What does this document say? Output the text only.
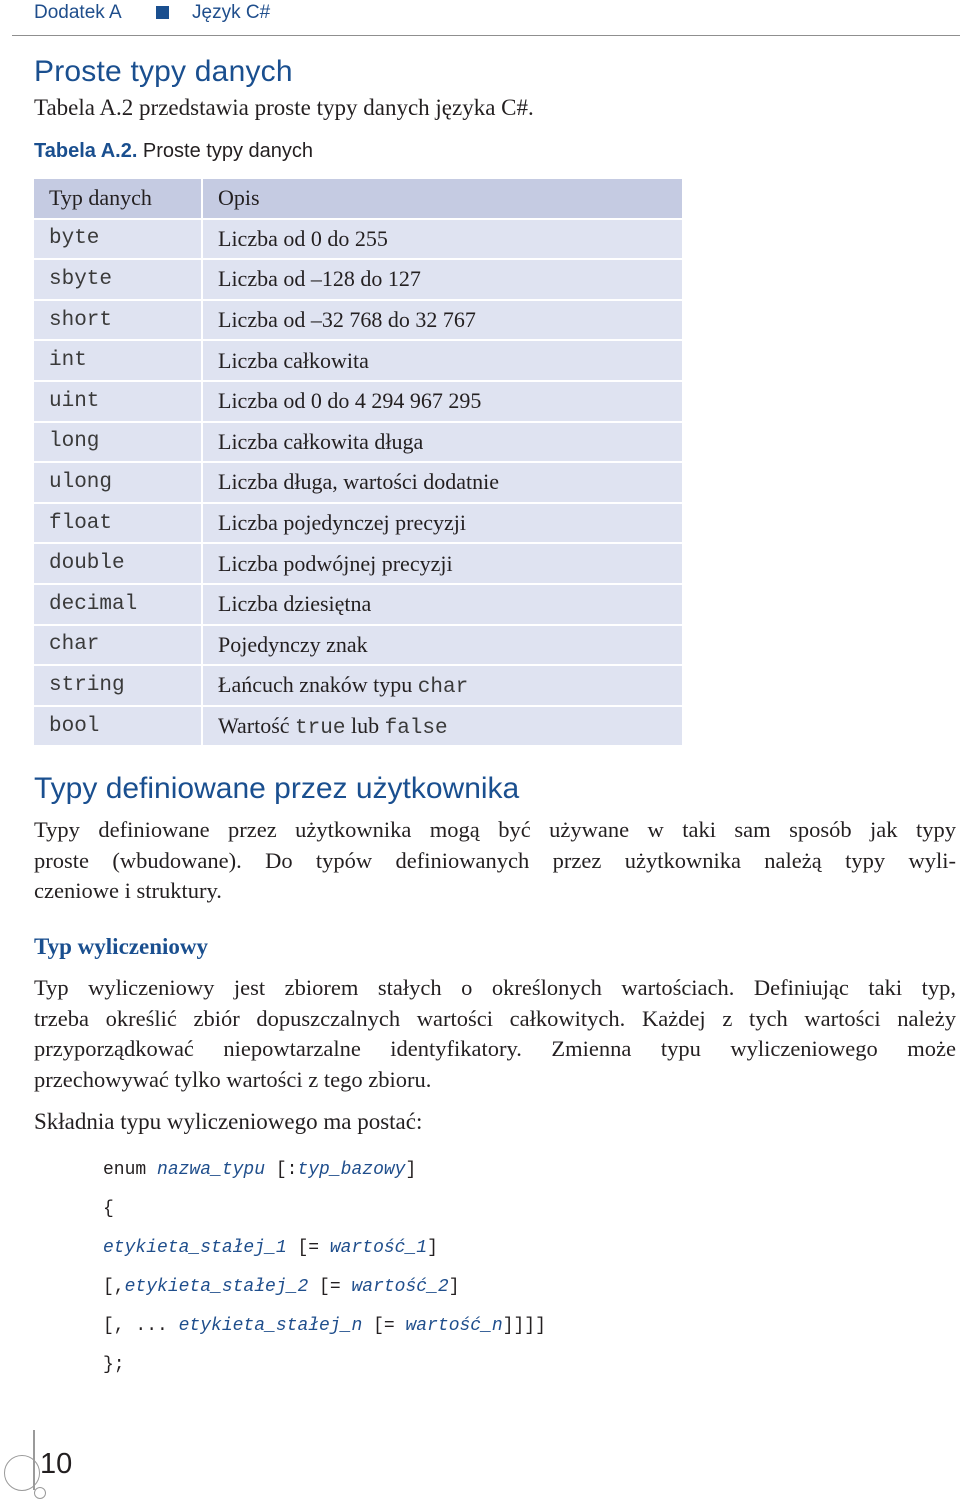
Dodatek A	Język C#
Proste typy danych

Tabela A.2 przedstawia proste typy danych języka C#.

Tabela A.2. Proste typy danych

Typ danych	Opis
byte	Liczba od 0 do 255
sbyte	Liczba od –128 do 127
short	Liczba od –32 768 do 32 767
int	Liczba całkowita
uint	Liczba od 0 do 4 294 967 295
long	Liczba całkowita długa
ulong	Liczba długa, wartości dodatnie
float	Liczba pojedynczej precyzji
double	Liczba podwójnej precyzji
decimal	Liczba dziesiętna
char	Pojedynczy znak
string	Łańcuch znaków typu char
bool	Wartość true lub false
Typy definiowane przez użytkownika

Typy definiowane przez użytkownika mogą być używane w taki sam sposób jak typy
proste (wbudowane). Do typów definiowanych przez użytkownika należą typy wyli-
czeniowe i struktury.

Typ wyliczeniowy

Typ wyliczeniowy jest zbiorem stałych o określonych wartościach. Definiując taki typ,
trzeba określić zbiór dopuszczalnych wartości całkowitych. Każdej z tych wartości należy
przyporządkować niepowtarzalne identyfikatory. Zmienna typu wyliczeniowego może
przechowywać tylko wartości z tego zbioru.

Składnia typu wyliczeniowego ma postać:

enum nazwa_typu [:typ_bazowy]
{
etykieta_stałej_1 [= wartość_1]
[,etykieta_stałej_2 [= wartość_2]
[, ... etykieta_stałej_n [= wartość_n]]]]
};
10
